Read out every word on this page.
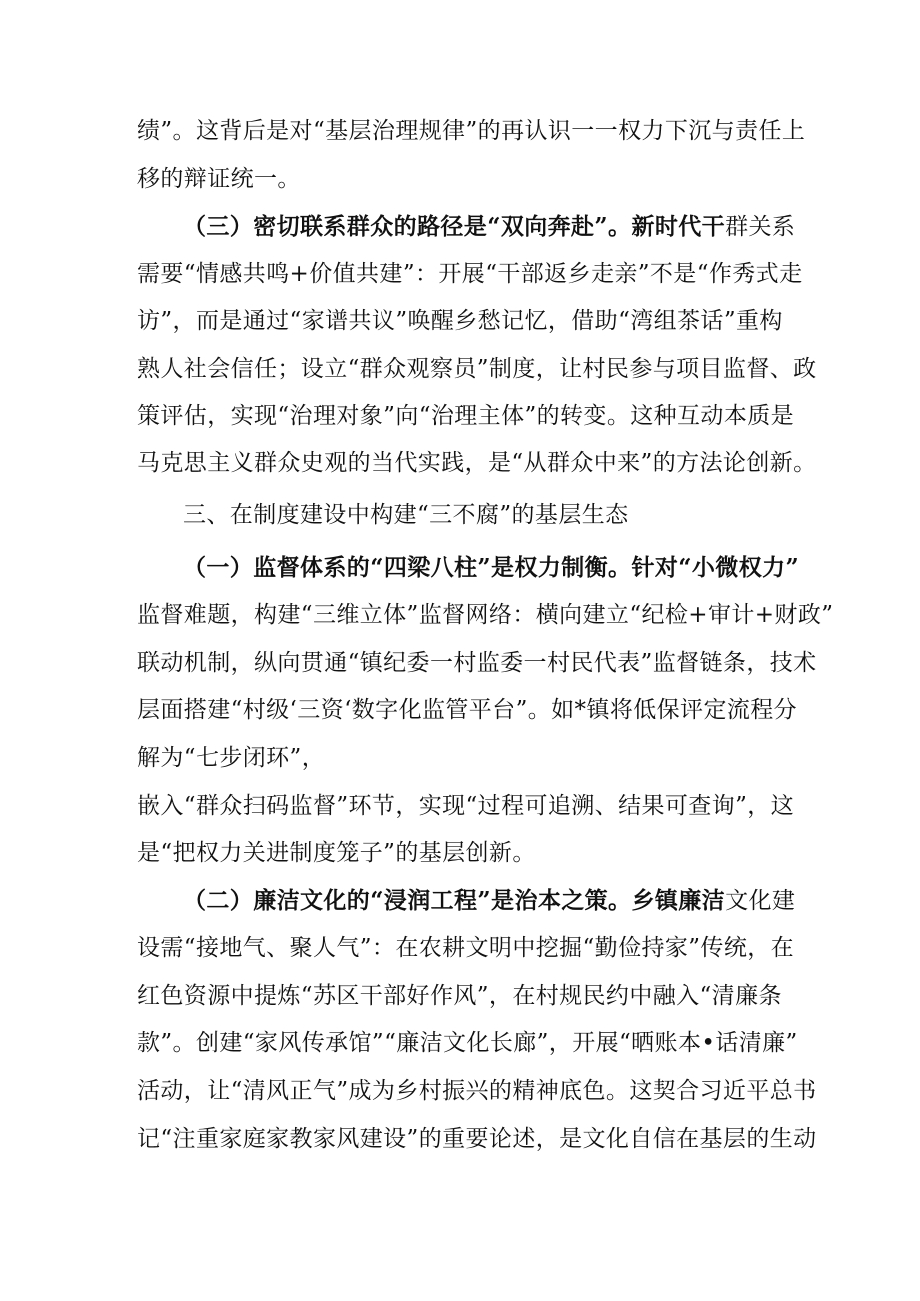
绩”。这背后是对“基层治理规律”的再认识一一权力下沉与责任上
移的辩证统一。
（三）密切联系群众的路径是“双向奔赴”。新时代干群关系
需要“情感共鸣+价值共建”：开展“干部返乡走亲”不是“作秀式走
访”，而是通过“家谱共议”唤醒乡愁记忆，借助“湾组茶话”重构
熟人社会信任；设立“群众观察员”制度，让村民参与项目监督、政
策评估，实现“治理对象”向“治理主体”的转变。这种互动本质是
马克思主义群众史观的当代实践，是“从群众中来”的方法论创新。
三、在制度建设中构建“三不腐”的基层生态
（一）监督体系的“四梁八柱”是权力制衡。针对“小微权力”
监督难题，构建“三维立体”监督网络：横向建立“纪检+审计+财政”
联动机制，纵向贯通“镇纪委一村监委一村民代表”监督链条，技术
层面搭建“村级‘三资‘数字化监管平台”。如*镇将低保评定流程分
解为“七步闭环”，
嵌入“群众扫码监督”环节，实现“过程可追溯、结果可查询”，这
是“把权力关进制度笼子”的基层创新。
（二）廉洁文化的“浸润工程”是治本之策。乡镇廉洁文化建
设需“接地气、聚人气”：在农耕文明中挖掘“勤俭持家”传统，在
红色资源中提炼“苏区干部好作风”，在村规民约中融入“清廉条
款”。创建“家风传承馆”“廉洁文化长廊”，开展“晒账本•话清廉”
活动，让“清风正气”成为乡村振兴的精神底色。这契合习近平总书
记“注重家庭家教家风建设”的重要论述，是文化自信在基层的生动
